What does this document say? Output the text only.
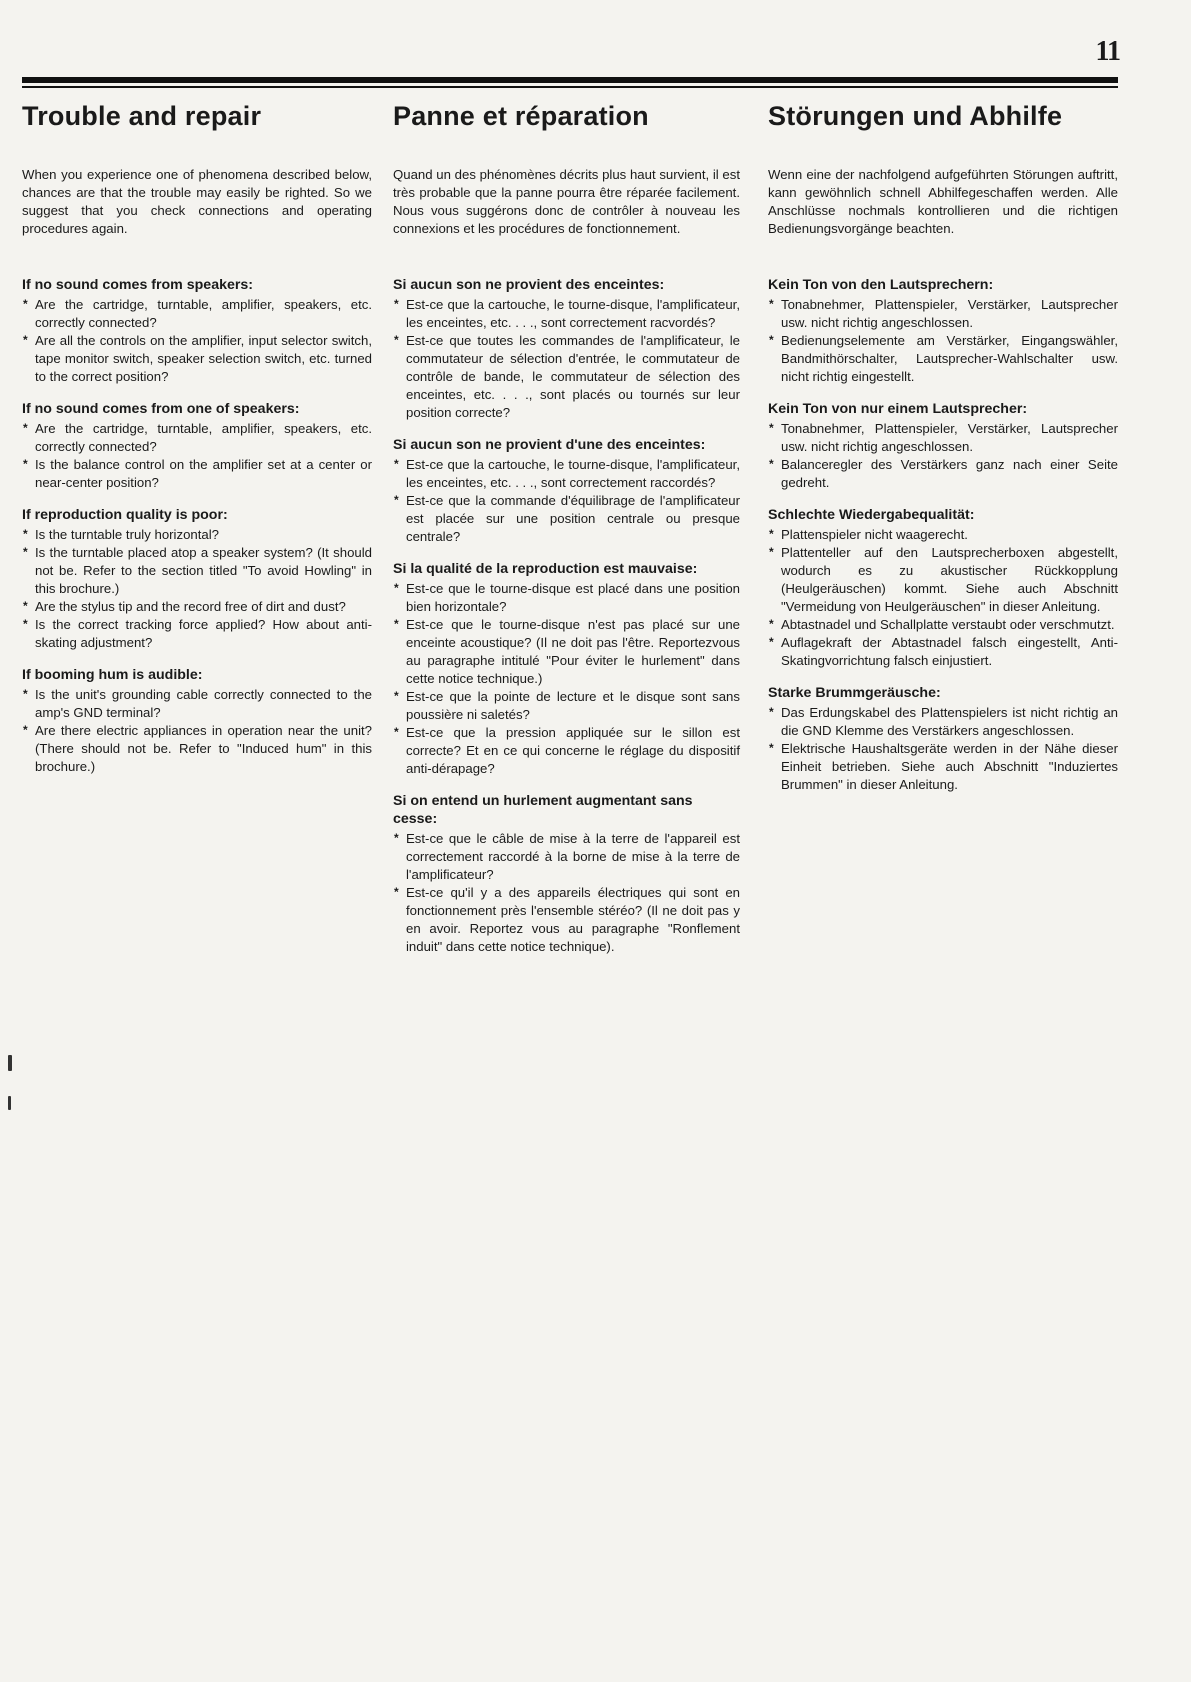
11
Trouble and repair

When you experience one of phenomena described below, chances are that the trouble may easily be righted. So we suggest that you check connections and operating procedures again.

If no sound comes from speakers:

* Are the cartridge, turntable, amplifier, speakers, etc. correctly connected?

* Are all the controls on the amplifier, input selector switch, tape monitor switch, speaker selection switch, etc. turned to the correct position?

If no sound comes from one of speakers:

* Are the cartridge, turntable, amplifier, speakers, etc. correctly connected?

* Is the balance control on the amplifier set at a center or near-center position?

If reproduction quality is poor:

* Is the turntable truly horizontal?

* Is the turntable placed atop a speaker system? (It should not be. Refer to the section titled "To avoid Howling" in this brochure.)

* Are the stylus tip and the record free of dirt and dust?

* Is the correct tracking force applied? How about anti-skating adjustment?

If booming hum is audible:

* Is the unit's grounding cable correctly connected to the amp's GND terminal?

* Are there electric appliances in operation near the unit? (There should not be. Refer to "Induced hum" in this brochure.)

Panne et réparation

Quand un des phénomènes décrits plus haut survient, il est très probable que la panne pourra être réparée facilement. Nous vous suggérons donc de contrôler à nouveau les connexions et les procédures de fonctionnement.

Si aucun son ne provient des enceintes:

* Est-ce que la cartouche, le tourne-disque, l'amplificateur, les enceintes, etc. . . ., sont correctement racvordés?

* Est-ce que toutes les commandes de l'amplificateur, le commutateur de sélection d'entrée, le commutateur de contrôle de bande, le commutateur de sélection des enceintes, etc. . . ., sont placés ou tournés sur leur position correcte?

Si aucun son ne provient d'une des enceintes:

* Est-ce que la cartouche, le tourne-disque, l'amplificateur, les enceintes, etc. . . ., sont correctement raccordés?

* Est-ce que la commande d'équilibrage de l'amplificateur est placée sur une position centrale ou presque centrale?

Si la qualité de la reproduction est mauvaise:

* Est-ce que le tourne-disque est placé dans une position bien horizontale?

* Est-ce que le tourne-disque n'est pas placé sur une enceinte acoustique? (Il ne doit pas l'être. Reportezvous au paragraphe intitulé "Pour éviter le hurlement" dans cette notice technique.)

* Est-ce que la pointe de lecture et le disque sont sans poussière ni saletés?

* Est-ce que la pression appliquée sur le sillon est correcte? Et en ce qui concerne le réglage du dispositif anti-dérapage?

Si on entend un hurlement augmentant sans cesse:

* Est-ce que le câble de mise à la terre de l'appareil est correctement raccordé à la borne de mise à la terre de l'amplificateur?

* Est-ce qu'il y a des appareils électriques qui sont en fonctionnement près l'ensemble stéréo? (Il ne doit pas y en avoir. Reportez vous au paragraphe "Ronflement induit" dans cette notice technique).

Störungen und Abhilfe

Wenn eine der nachfolgend aufgeführten Störungen auftritt, kann gewöhnlich schnell Abhilfegeschaffen werden. Alle Anschlüsse nochmals kontrollieren und die richtigen Bedienungsvorgänge beachten.

Kein Ton von den Lautsprechern:

* Tonabnehmer, Plattenspieler, Verstärker, Lautsprecher usw. nicht richtig angeschlossen.

* Bedienungselemente am Verstärker, Eingangswähler, Bandmithörschalter, Lautsprecher-Wahlschalter usw. nicht richtig eingestellt.

Kein Ton von nur einem Lautsprecher:

* Tonabnehmer, Plattenspieler, Verstärker, Lautsprecher usw. nicht richtig angeschlossen.

* Balanceregler des Verstärkers ganz nach einer Seite gedreht.

Schlechte Wiedergabequalität:

* Plattenspieler nicht waagerecht.

* Plattenteller auf den Lautsprecherboxen abgestellt, wodurch es zu akustischer Rückkopplung (Heulgeräuschen) kommt. Siehe auch Abschnitt "Vermeidung von Heulgeräuschen" in dieser Anleitung.

* Abtastnadel und Schallplatte verstaubt oder verschmutzt.

* Auflagekraft der Abtastnadel falsch eingestellt, Anti-Skatingvorrichtung falsch einjustiert.

Starke Brummgeräusche:

* Das Erdungskabel des Plattenspielers ist nicht richtig an die GND Klemme des Verstärkers angeschlossen.

* Elektrische Haushaltsgeräte werden in der Nähe dieser Einheit betrieben. Siehe auch Abschnitt "Induziertes Brummen" in dieser Anleitung.
